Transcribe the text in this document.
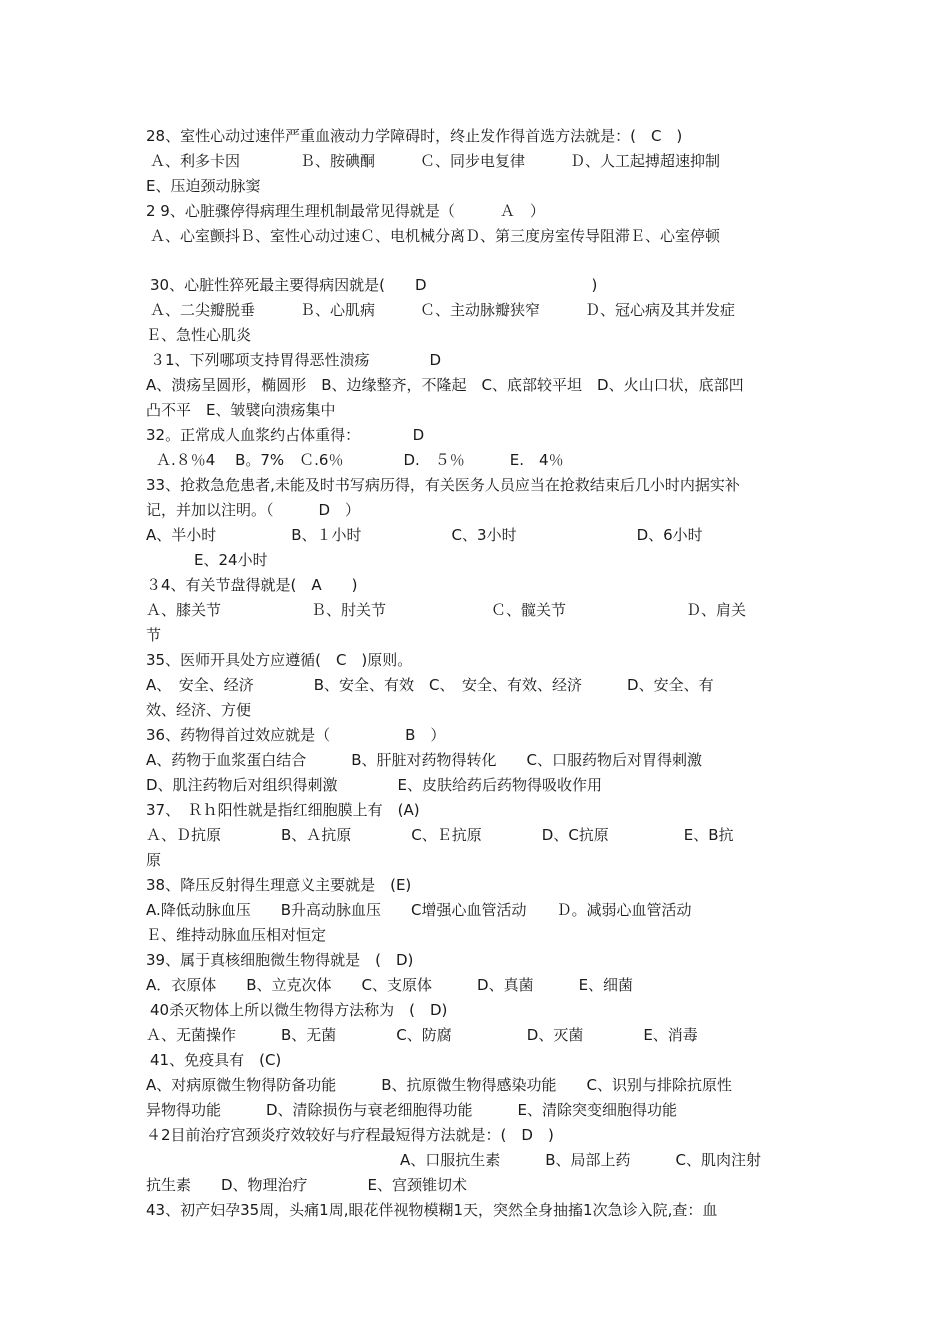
28、室性心动过速伴严重血液动力学障碍时，终止发作得首选方法就是：(　C　)
Ａ、利多卡因　　　　Ｂ、胺碘酮　　　Ｃ、同步电复律　　　Ｄ、人工起搏超速抑制
E、压迫颈动脉窦
2 9、心脏骤停得病理生理机制最常见得就是（　　　Ａ　）
Ａ、心室颤抖Ｂ、室性心动过速Ｃ、电机械分离Ｄ、第三度房室传导阻滞Ｅ、心室停顿
30、心脏性猝死最主要得病因就是(　　D　　　　　　　　　　　)
Ａ、二尖瓣脱垂　　　Ｂ、心肌病　　　Ｃ、主动脉瓣狭窄　　　Ｄ、冠心病及其并发症
Ｅ、急性心肌炎
３1、下列哪项支持胃得恶性溃疡　　　　D
A、溃疡呈圆形，椭圆形　B、边缘整齐，不隆起　C、底部较平坦　D、火山口状，底部凹
凸不平　E、皱襞向溃疡集中
32。正常成人血浆约占体重得：　　　　D
Ａ.８％4　 B。7%　Ｃ.6％　　　　D.　５％　　　E.　4％
33、抢救急危患者,未能及时书写病历得，有关医务人员应当在抢救结束后几小时内据实补
记，并加以注明。（　　　D　）
A、半小时　　　　　B、１小时　　　　　　C、3小时　　　　　　　　D、6小时
E、24小时
３4、有关节盘得就是(　A　　)
Ａ、膝关节　　　　　　Ｂ、肘关节　　　　　　　Ｃ、髋关节　　　　　　　　Ｄ、肩关
节
35、医师开具处方应遵循(　C　)原则。
A、　安全、经济　　　　B、安全、有效　C、　安全、有效、经济　　　D、安全、有
效、经济、方便
36、药物得首过效应就是（　　　　　B　）
A、药物于血浆蛋白结合　　　B、肝脏对药物得转化　　C、口服药物后对胃得刺激
D、肌注药物后对组织得刺激　　　　E、皮肤给药后药物得吸收作用
37、　Ｒｈ阳性就是指红细胞膜上有　(A)
Ａ、Ｄ抗原　　　　B、Ａ抗原　　　　C、Ｅ抗原　　　　D、C抗原　　　　　E、B抗
原
38、降压反射得生理意义主要就是　(E)
A.降低动脉血压　　B升高动脉血压　　C增强心血管活动　　Ｄ。减弱心血管活动
Ｅ、维持动脉血压相对恒定
39、属于真核细胞微生物得就是　(　D)
A．衣原体　　B、立克次体　　C、支原体　　　D、真菌　　　E、细菌
40杀灭物体上所以微生物得方法称为　(　D)
Ａ、无菌操作　　　B、无菌　　　　C、防腐　　　　　D、灭菌　　　　E、消毒
41、免疫具有　(C)
A、对病原微生物得防备功能　　　B、抗原微生物得感染功能　　C、识别与排除抗原性
异物得功能　　　D、清除损伤与衰老细胞得功能　　　E、清除突变细胞得功能
４2目前治疗宫颈炎疗效较好与疗程最短得方法就是：(　D　)
A、口服抗生素　　　B、局部上药　　　C、肌肉注射
抗生素　　D、物理治疗　　　　E、宫颈锥切术
43、初产妇孕35周，头痛1周,眼花伴视物模糊1天，突然全身抽搐1次急诊入院,查：血
